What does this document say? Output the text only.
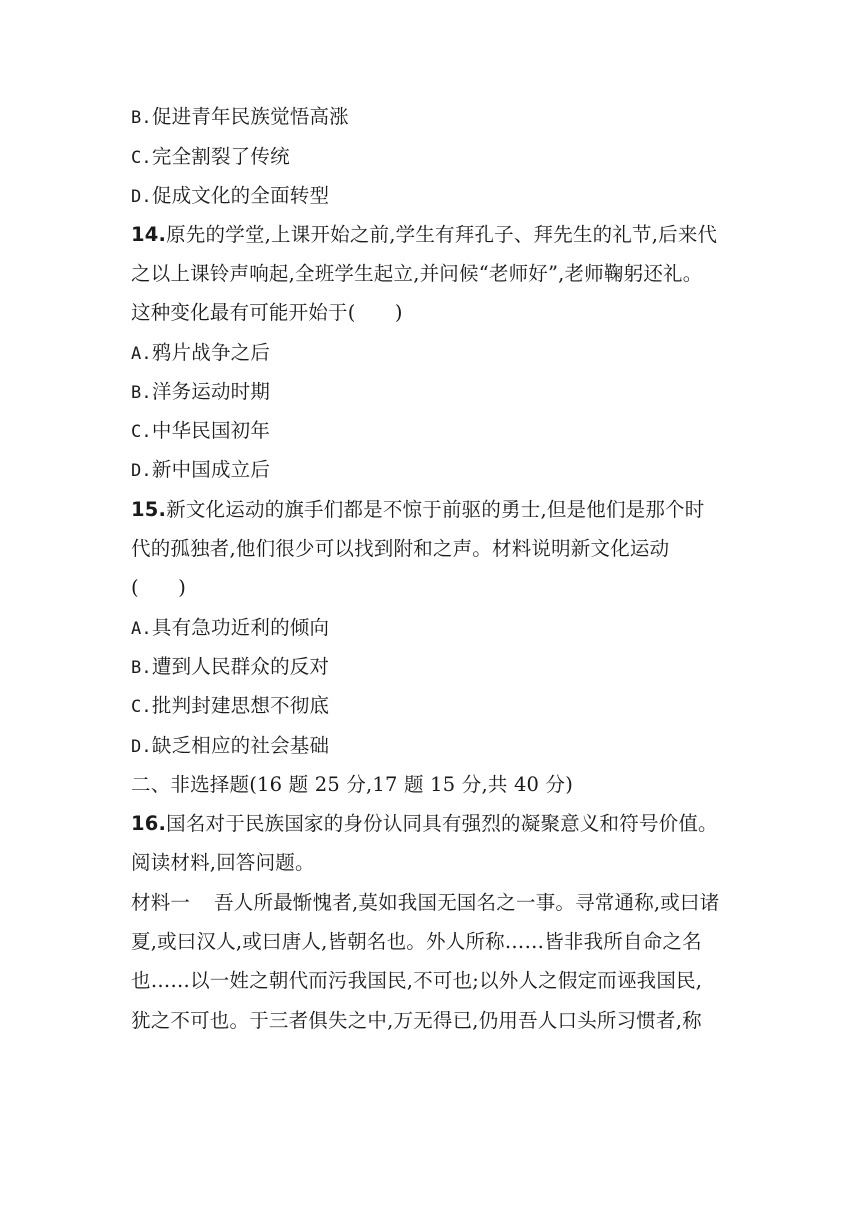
B.促进青年民族觉悟高涨
C.完全割裂了传统
D.促成文化的全面转型
14.原先的学堂,上课开始之前,学生有拜孔子、拜先生的礼节,后来代
之以上课铃声响起,全班学生起立,并问候“老师好”,老师鞠躬还礼。
这种变化最有可能开始于(　　)
A.鸦片战争之后
B.洋务运动时期
C.中华民国初年
D.新中国成立后
15.新文化运动的旗手们都是不惊于前驱的勇士,但是他们是那个时
代的孤独者,他们很少可以找到附和之声。材料说明新文化运动
(　　)
A.具有急功近利的倾向
B.遭到人民群众的反对
C.批判封建思想不彻底
D.缺乏相应的社会基础
二、非选择题(16 题 25 分,17 题 15 分,共 40 分)
16.国名对于民族国家的身份认同具有强烈的凝聚意义和符号价值。
阅读材料,回答问题。
材料一 吾人所最惭愧者,莫如我国无国名之一事。寻常通称,或曰诸
夏,或曰汉人,或曰唐人,皆朝名也。外人所称……皆非我所自命之名
也……以一姓之朝代而污我国民,不可也;以外人之假定而诬我国民,
犹之不可也。于三者俱失之中,万无得已,仍用吾人口头所习惯者,称
